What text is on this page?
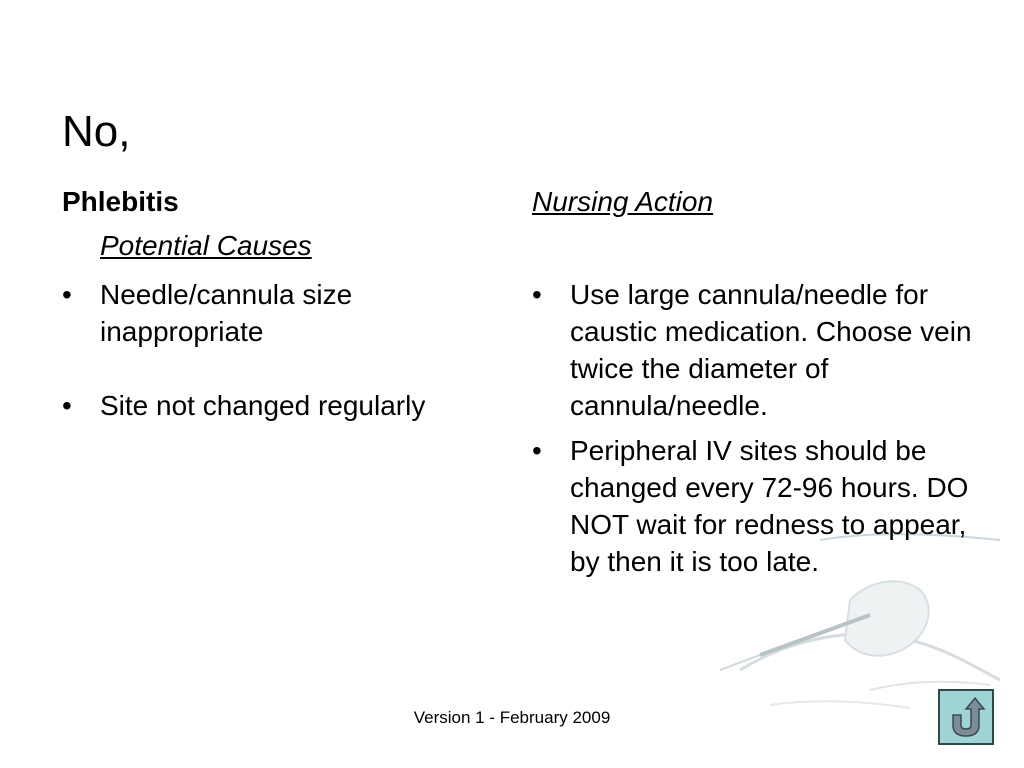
No,
Phlebitis
Potential Causes
• Needle/cannula size inappropriate
• Site not changed regularly
Nursing Action
• Use large cannula/needle for caustic medication. Choose vein twice the diameter of cannula/needle.
• Peripheral IV sites should be changed every 72-96 hours. DO NOT wait for redness to appear, by then it is too late.
Version 1 - February 2009
